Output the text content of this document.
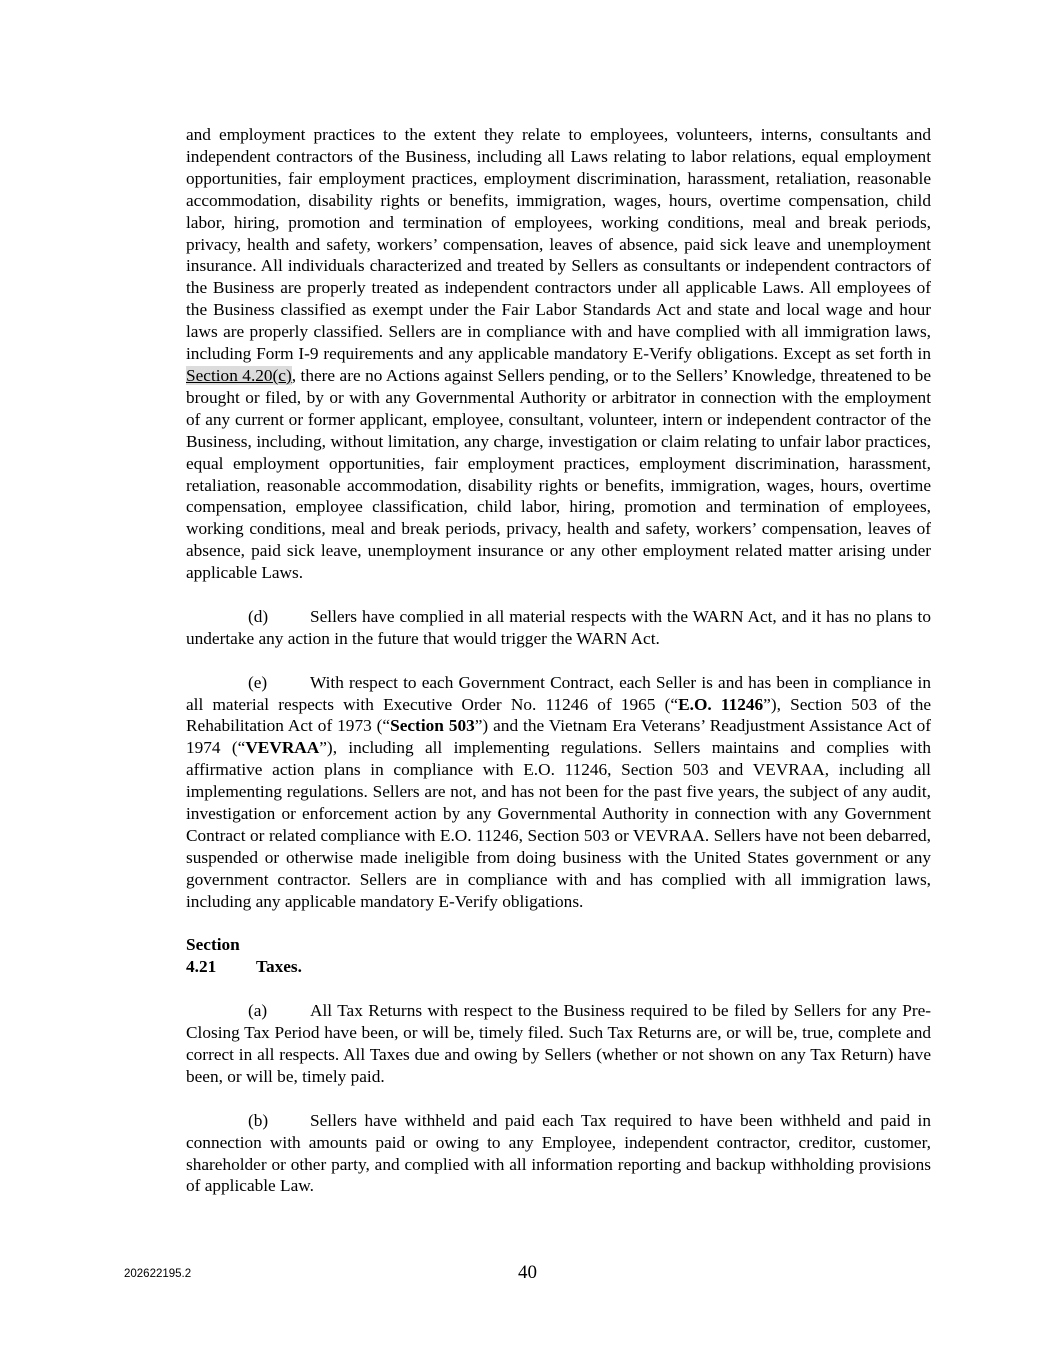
and employment practices to the extent they relate to employees, volunteers, interns, consultants and independent contractors of the Business, including all Laws relating to labor relations, equal employment opportunities, fair employment practices, employment discrimination, harassment, retaliation, reasonable accommodation, disability rights or benefits, immigration, wages, hours, overtime compensation, child labor, hiring, promotion and termination of employees, working conditions, meal and break periods, privacy, health and safety, workers’ compensation, leaves of absence, paid sick leave and unemployment insurance. All individuals characterized and treated by Sellers as consultants or independent contractors of the Business are properly treated as independent contractors under all applicable Laws. All employees of the Business classified as exempt under the Fair Labor Standards Act and state and local wage and hour laws are properly classified. Sellers are in compliance with and have complied with all immigration laws, including Form I-9 requirements and any applicable mandatory E-Verify obligations. Except as set forth in Section 4.20(c), there are no Actions against Sellers pending, or to the Sellers’ Knowledge, threatened to be brought or filed, by or with any Governmental Authority or arbitrator in connection with the employment of any current or former applicant, employee, consultant, volunteer, intern or independent contractor of the Business, including, without limitation, any charge, investigation or claim relating to unfair labor practices, equal employment opportunities, fair employment practices, employment discrimination, harassment, retaliation, reasonable accommodation, disability rights or benefits, immigration, wages, hours, overtime compensation, employee classification, child labor, hiring, promotion and termination of employees, working conditions, meal and break periods, privacy, health and safety, workers’ compensation, leaves of absence, paid sick leave, unemployment insurance or any other employment related matter arising under applicable Laws.

(d) Sellers have complied in all material respects with the WARN Act, and it has no plans to undertake any action in the future that would trigger the WARN Act.

(e) With respect to each Government Contract, each Seller is and has been in compliance in all material respects with Executive Order No. 11246 of 1965 (“E.O. 11246”), Section 503 of the Rehabilitation Act of 1973 (“Section 503”) and the Vietnam Era Veterans’ Readjustment Assistance Act of 1974 (“VEVRAA”), including all implementing regulations. Sellers maintains and complies with affirmative action plans in compliance with E.O. 11246, Section 503 and VEVRAA, including all implementing regulations. Sellers are not, and has not been for the past five years, the subject of any audit, investigation or enforcement action by any Governmental Authority in connection with any Government Contract or related compliance with E.O. 11246, Section 503 or VEVRAA. Sellers have not been debarred, suspended or otherwise made ineligible from doing business with the United States government or any government contractor. Sellers are in compliance with and has complied with all immigration laws, including any applicable mandatory E-Verify obligations.

Section 4.21 Taxes.

(a) All Tax Returns with respect to the Business required to be filed by Sellers for any Pre-Closing Tax Period have been, or will be, timely filed. Such Tax Returns are, or will be, true, complete and correct in all respects. All Taxes due and owing by Sellers (whether or not shown on any Tax Return) have been, or will be, timely paid.

(b) Sellers have withheld and paid each Tax required to have been withheld and paid in connection with amounts paid or owing to any Employee, independent contractor, creditor, customer, shareholder or other party, and complied with all information reporting and backup withholding provisions of applicable Law.

202622195.2	40
